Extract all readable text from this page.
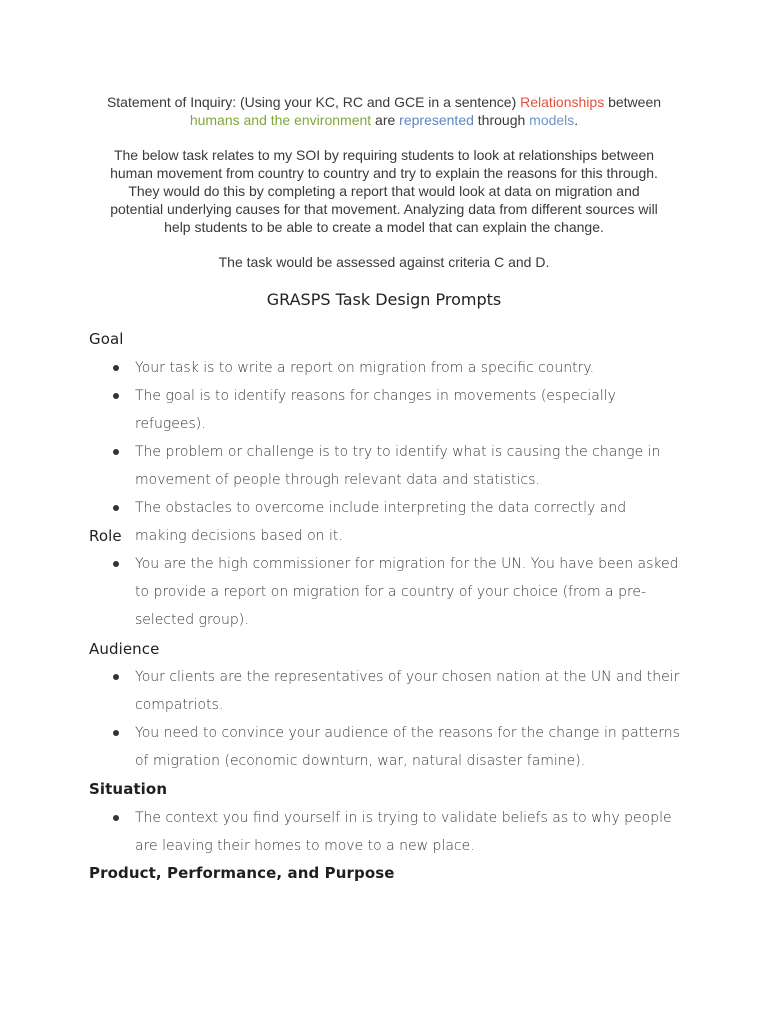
Statement of Inquiry: (Using your KC, RC and GCE in a sentence) Relationships between
humans and the environment are represented through models.
The below task relates to my SOI by requiring students to look at relationships between
human movement from country to country and try to explain the reasons for this through.
They would do this by completing a report that would look at data on migration and
potential underlying causes for that movement. Analyzing data from different sources will
help students to be able to create a model that can explain the change.
The task would be assessed against criteria C and D.
GRASPS Task Design Prompts
Goal
Your task is to write a report on migration from a specific country.
The goal is to identify reasons for changes in movements (especially refugees).
The problem or challenge is to try to identify what is causing the change in movement of people through relevant data and statistics.
The obstacles to overcome include interpreting the data correctly and making decisions based on it.
Role
You are the high commissioner for migration for the UN. You have been asked to provide a report on migration for a country of your choice (from a pre-selected group).
Audience
Your clients are the representatives of your chosen nation at the UN and their compatriots.
You need to convince your audience of the reasons for the change in patterns of migration (economic downturn, war, natural disaster famine).
Situation
The context you find yourself in is trying to validate beliefs as to why people are leaving their homes to move to a new place.
Product, Performance, and Purpose
